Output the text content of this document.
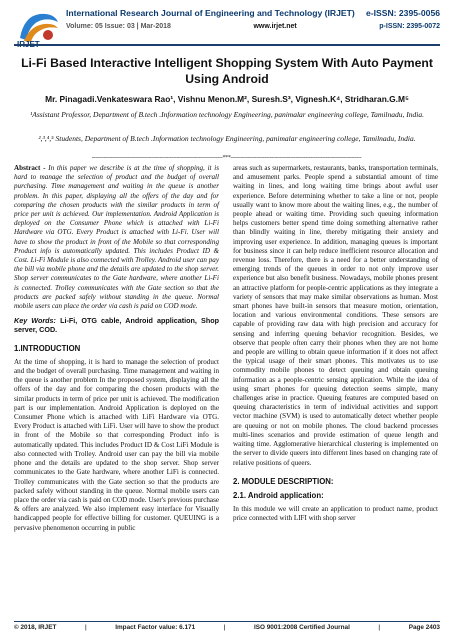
International Research Journal of Engineering and Technology (IRJET) e-ISSN: 2395-0056
Volume: 05 Issue: 03 | Mar-2018	www.irjet.net	p-ISSN: 2395-0072
Li-Fi Based Interactive Intelligent Shopping System With Auto Payment Using Android
Mr. Pinagadi.Venkateswara Rao¹, Vishnu Menon.M², Suresh.S³, Vignesh.K⁴, Stridharan.G.M⁵
¹Assistant Professor, Department of B.tech .Information technology Engineering, panimalar engineering college, Tamilnadu, India.
²,³,⁴,⁵ Students, Department of B.tech .Information technology Engineering, panimalar engineering college, Tamilnadu, India.
-----------------------------------------------------------------------------***-----------------------------------------------------------------------------

Abstract - In this paper we describe is at the time of shopping, it is hard to manage the selection of product and the budget of overall purchasing. Time management and waiting in the queue is another problem. In this paper, displaying all the offers of the day and for comparing the chosen products with the similar products in term of price per unit is achieved. Our implementation. Android Application is deployed on the Consumer Phone which is attached with Li-Fi Hardware via OTG. Every Product is attached with Li-Fi. User will have to show the product in front of the Mobile so that corresponding Product info is automatically updated. This includes Product ID & Cost. Li-Fi Module is also connected with Trolley. Android user can pay the bill via mobile phone and the details are updated to the shop server. Shop server communicates to the Gate hardware, where another Li-Fi is connected. Trolley communicates with the Gate section so that the products are packed safely without standing in the queue. Normal mobile users can place the order via cash is paid on COD mode.

Key Words: Li-Fi, OTG cable, Android application, Shop server, COD.

1.INTRODUCTION

At the time of shopping, it is hard to manage the selection of product and the budget of overall purchasing. Time management and waiting in the queue is another problem In the proposed system, displaying all the offers of the day and for comparing the chosen products with the similar products in term of price per unit is achieved. The modification part is our implementation. Android Application is deployed on the Consumer Phone which is attached with LiFi Hardware via OTG. Every Product is attached with LiFi. User will have to show the product in front of the Mobile so that corresponding Product info is automatically updated. This includes Product ID & Cost LiFi Module is also connected with Trolley. Android user can pay the bill via mobile phone and the details are updated to the shop server. Shop server communicates to the Gate hardware, where another LiFi is connected. Trolley communicates with the Gate section so that the products are packed safely without standing in the queue. Normal mobile users can place the order via cash is paid on COD mode. User's previous purchase & offers are analyzed. We also implement easy interface for Visually handicapped people for effective billing for customer. QUEUING is a pervasive phenomenon occurring in public

areas such as supermarkets, restaurants, banks, transportation terminals, and amusement parks. People spend a substantial amount of time waiting in lines, and long waiting time brings about awful user experience. Before determining whether to take a line or not, people usually want to know more about the waiting lines, e.g., the number of people ahead or waiting time. Providing such queuing information helps customers better spend time doing something alternative rather than blindly waiting in line, thereby mitigating their anxiety and improving user experience. In addition, managing queues is important for business since it can help reduce inefficient resource allocation and revenue loss. Therefore, there is a need for a better understanding of emerging trends of the queues in order to not only improve user experience but also benefit business. Nowadays, mobile phones present an attractive platform for people-centric applications as they integrate a variety of sensors that may make similar observations as human. Most smart phones have built-in sensors that measure motion, orientation, location and various environmental conditions. These sensors are capable of providing raw data with high precision and accuracy for sensing and inferring queuing behavior recognition. Besides, we observe that people often carry their phones when they are not home and people are willing to obtain queue information if it does not affect the typical usage of their smart phones. This motivates us to use commodity mobile phones to detect queuing and obtain queuing information as a people-centric sensing application. While the idea of using smart phones for queuing detection seems simple, many challenges arise in practice. Queuing features are computed based on queuing characteristics in term of individual activities and support vector machine (SVM) is used to automatically detect whether people are queuing or not on mobile phones. The cloud backend processes multi-lines scenarios and provide estimation of queue length and waiting time. Agglomerative hierarchical clustering is implemented on the server to divide queers into different lines based on changing rate of relative positions of queers.

2. MODULE DESCRIPTION:

2.1. Android application:

In this module we will create an application to product name, product price connected with LIFI with shop server

© 2018, IRJET	|	Impact Factor value: 6.171	|	ISO 9001:2008 Certified Journal	|	Page 2403
